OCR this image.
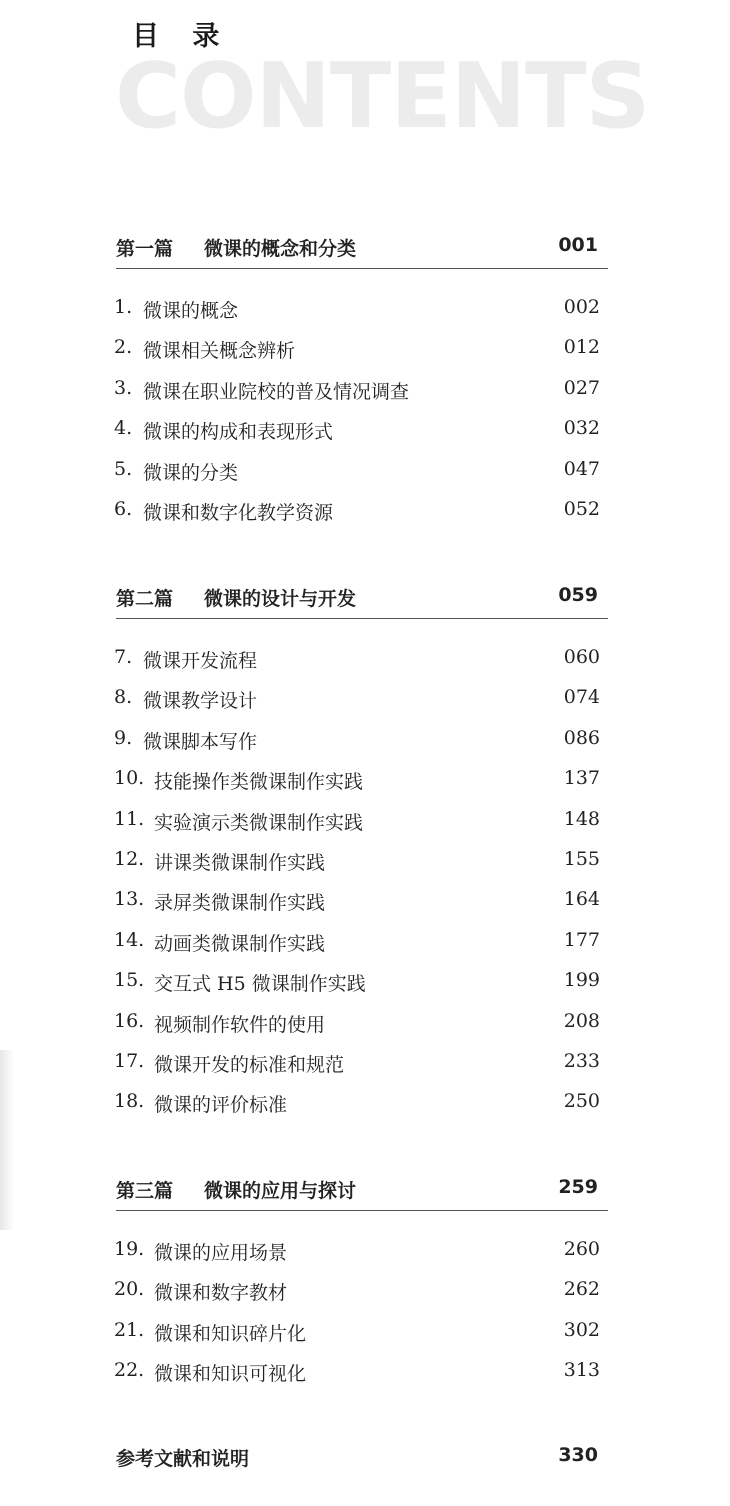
目 录
CONTENTS
第一篇 微课的概念和分类	001
1. 微课的概念	002
2. 微课相关概念辨析	012
3. 微课在职业院校的普及情况调查	027
4. 微课的构成和表现形式	032
5. 微课的分类	047
6. 微课和数字化教学资源	052
第二篇 微课的设计与开发	059
7. 微课开发流程	060
8. 微课教学设计	074
9. 微课脚本写作	086
10. 技能操作类微课制作实践	137
11. 实验演示类微课制作实践	148
12. 讲课类微课制作实践	155
13. 录屏类微课制作实践	164
14. 动画类微课制作实践	177
15. 交互式 H5 微课制作实践	199
16. 视频制作软件的使用	208
17. 微课开发的标准和规范	233
18. 微课的评价标准	250
第三篇 微课的应用与探讨	259
19. 微课的应用场景	260
20. 微课和数字教材	262
21. 微课和知识碎片化	302
22. 微课和知识可视化	313
参考文献和说明	330
